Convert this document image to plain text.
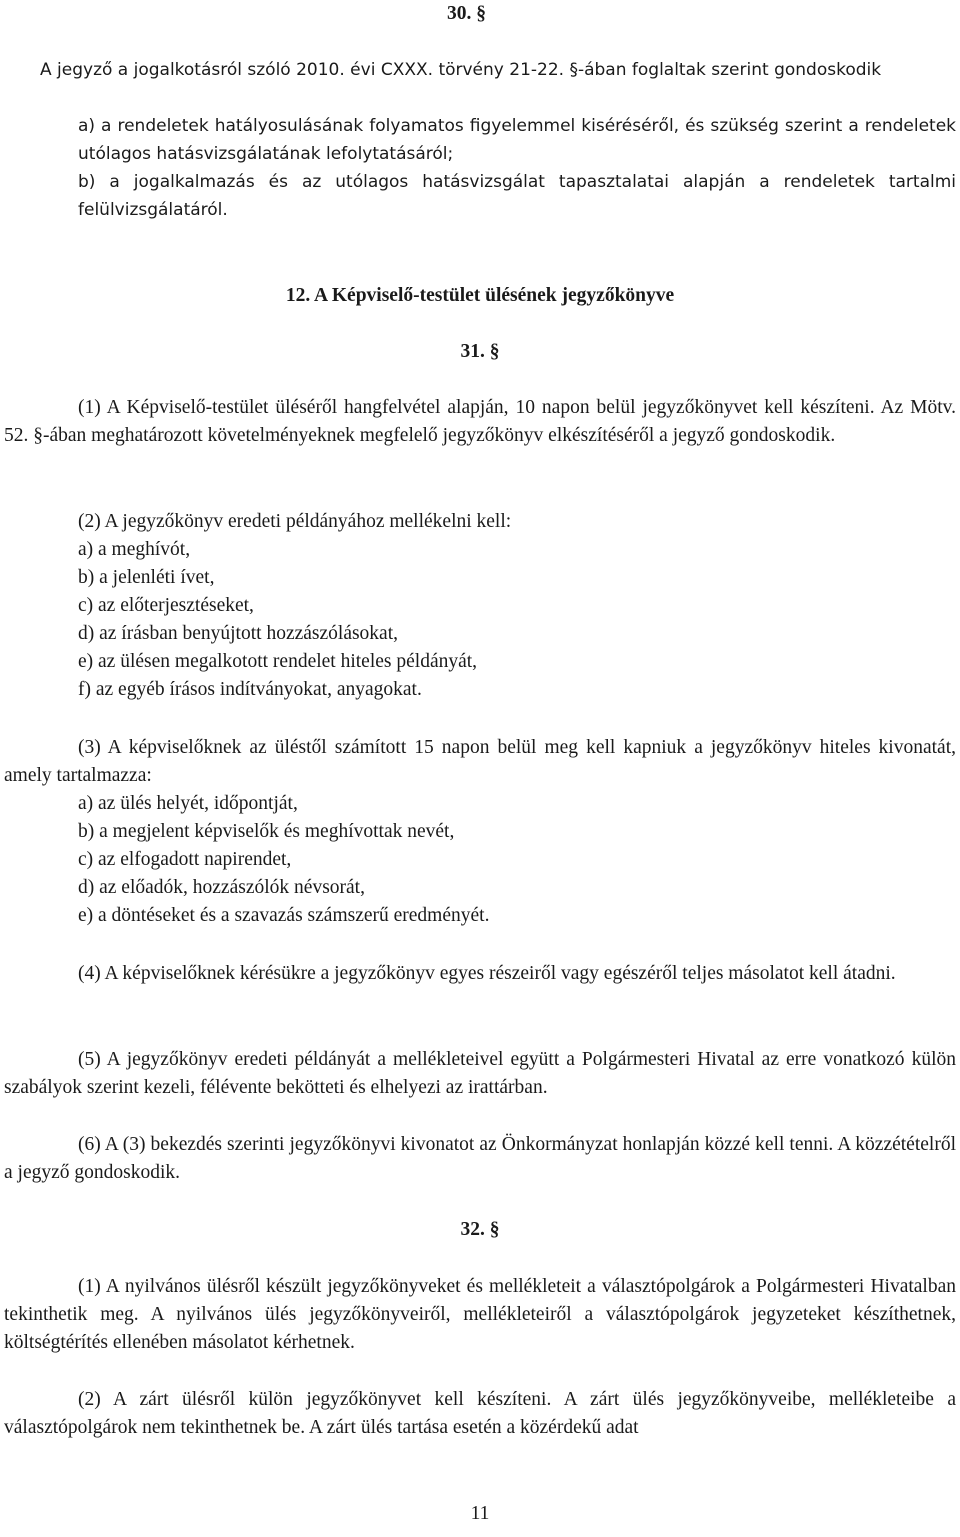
30. §
A jegyző a jogalkotásról szóló 2010. évi CXXX. törvény 21-22. §-ában foglaltak szerint gondoskodik
a) a rendeletek hatályosulásának folyamatos figyelemmel kiséréséről, és szükség szerint a rendeletek utólagos hatásvizsgálatának lefolytatásáról;
b) a jogalkalmazás és az utólagos hatásvizsgálat tapasztalatai alapján a rendeletek tartalmi felülvizsgálatáról.
12. A Képviselő-testület ülésének jegyzőkönyve
31. §
(1) A Képviselő-testület üléséről hangfelvétel alapján, 10 napon belül jegyzőkönyvet kell készíteni. Az Mötv. 52. §-ában meghatározott követelményeknek megfelelő jegyzőkönyv elkészítéséről a jegyző gondoskodik.
(2) A jegyzőkönyv eredeti példányához mellékelni kell:
a) a meghívót,
b) a jelenléti ívet,
c) az előterjesztéseket,
d) az írásban benyújtott hozzászólásokat,
e) az ülésen megalkotott rendelet hiteles példányát,
f) az egyéb írásos indítványokat, anyagokat.
(3) A képviselőknek az üléstől számított 15 napon belül meg kell kapniuk a jegyzőkönyv hiteles kivonatát, amely tartalmazza:
a) az ülés helyét, időpontját,
b) a megjelent képviselők és meghívottak nevét,
c) az elfogadott napirendet,
d) az előadók, hozzászólók névsorát,
e) a döntéseket és a szavazás számszerű eredményét.
(4) A képviselőknek kérésükre a jegyzőkönyv egyes részeiről vagy egészéről teljes másolatot kell átadni.
(5) A jegyzőkönyv eredeti példányát a mellékleteivel együtt a Polgármesteri Hivatal az erre vonatkozó külön szabályok szerint kezeli, félévente bekötteti és elhelyezi az irattárban.
(6) A (3) bekezdés szerinti jegyzőkönyvi kivonatot az Önkormányzat honlapján közzé kell tenni. A közzétételről a jegyző gondoskodik.
32. §
(1) A nyilvános ülésről készült jegyzőkönyveket és mellékleteit a választópolgárok a Polgármesteri Hivatalban tekinthetik meg. A nyilvános ülés jegyzőkönyveiről, mellékleteiről a választópolgárok jegyzeteket készíthetnek, költségtérítés ellenében másolatot kérhetnek.
(2) A zárt ülésről külön jegyzőkönyvet kell készíteni. A zárt ülés jegyzőkönyveibe, mellékleteibe a választópolgárok nem tekinthetnek be. A zárt ülés tartása esetén a közérdekű adat
11
